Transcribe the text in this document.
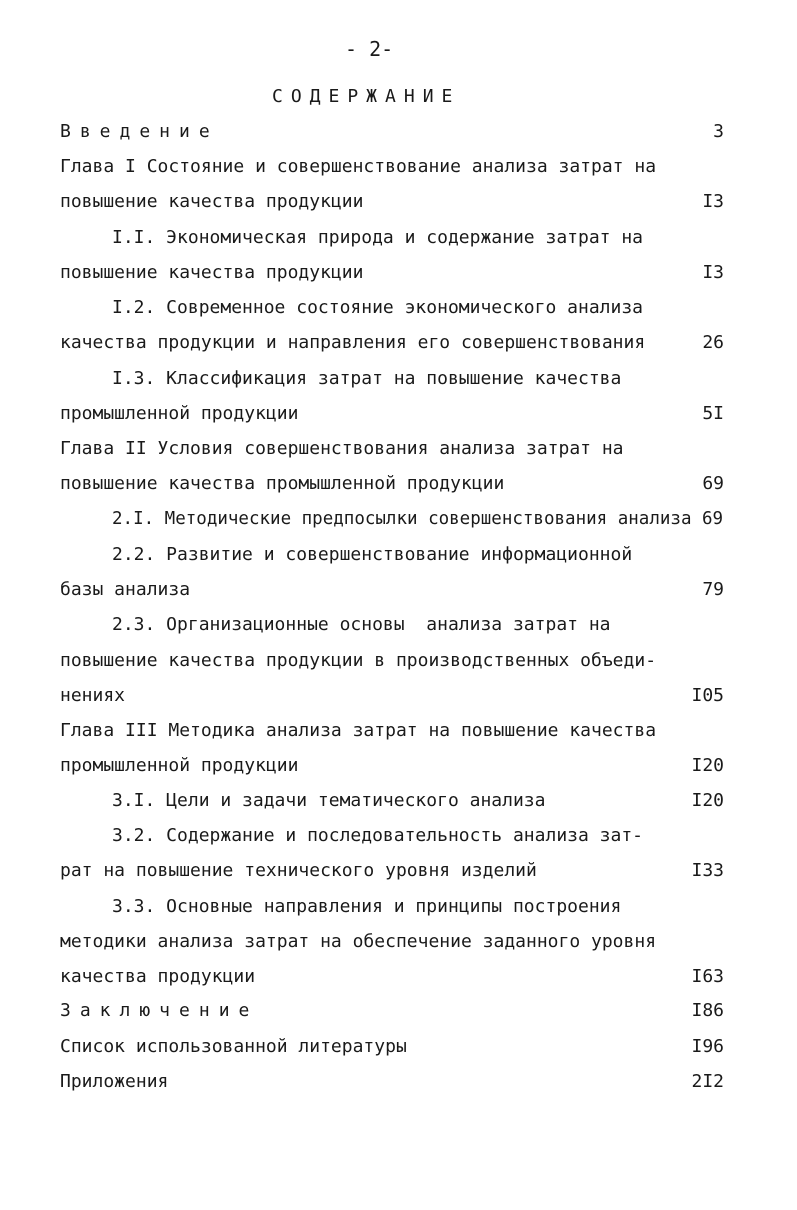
- 2-
СОДЕРЖАНИЕ
Введение	3
Глава I Состояние и совершенствование анализа затрат на
повышение качества продукции	I3
I.I. Экономическая природа и содержание затрат на
повышение качества продукции	I3
I.2. Современное состояние экономического анализа
качества продукции и направления его совершенствования	26
I.3. Классификация затрат на повышение качества
промышленной продукции	5I
Глава II Условия совершенствования анализа затрат на
повышение качества промышленной продукции	69
2.I. Методические предпосылки совершенствования анализа 69
2.2. Развитие и совершенствование информационной
базы анализа	79
2.3. Организационные основы  анализа затрат на
повышение качества продукции в производственных объеди-
нениях	I05
Глава III Методика анализа затрат на повышение качества
промышленной продукции	I20
3.I. Цели и задачи тематического анализа	I20
3.2. Содержание и последовательность анализа зат-
рат на повышение технического уровня изделий	I33
3.3. Основные направления и принципы построения
методики анализа затрат на обеспечение заданного уровня
качества продукции	I63
Заключение	I86
Список использованной литературы	I96
Приложения	2I2
